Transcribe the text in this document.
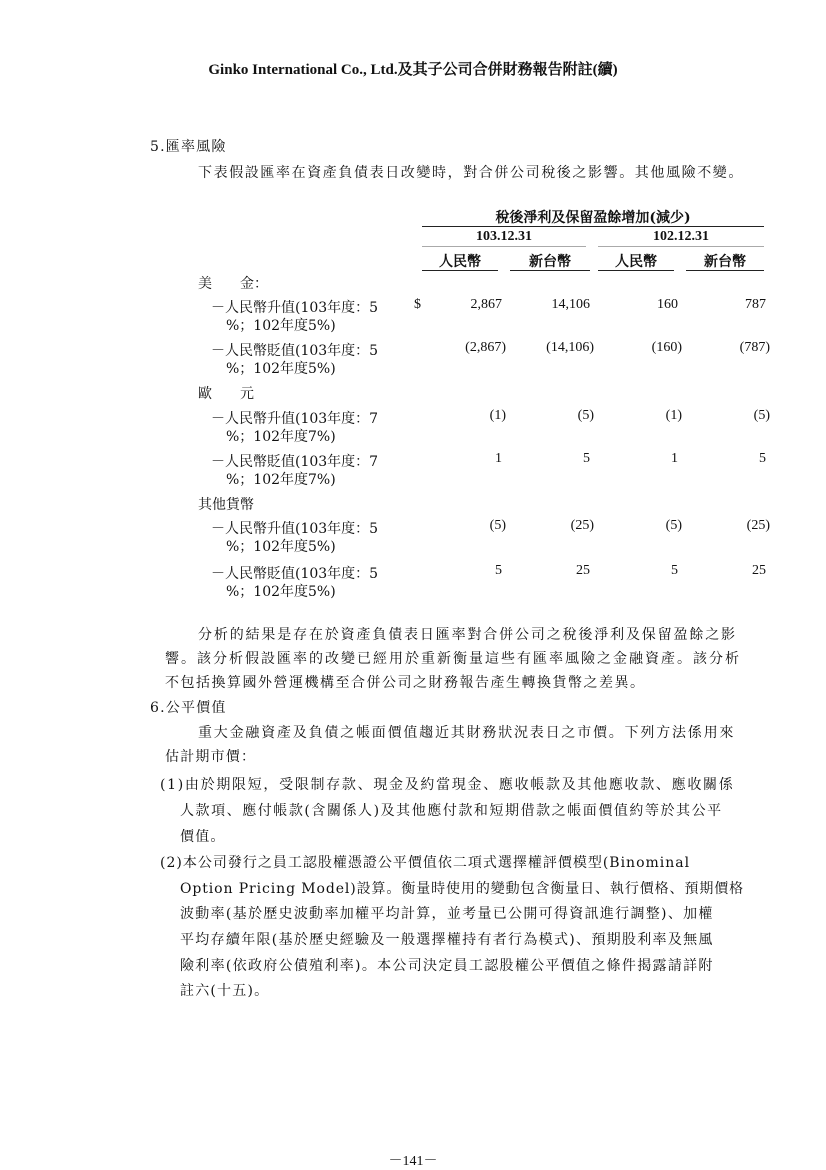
Ginko International Co., Ltd.及其子公司合併財務報告附註(續)
5.匯率風險
下表假設匯率在資產負債表日改變時，對合併公司稅後之影響。其他風險不變。
稅後淨利及保留盈餘增加(減少)
103.12.31	102.12.31
人民幣	新台幣	人民幣	新台幣
美　　金：
－人民幣升值(103年度：5
%；102年度5%)
$	2,867	14,106	160	787
－人民幣貶值(103年度：5
%；102年度5%)
(2,867)	(14,106)	(160)	(787)
歐　　元
－人民幣升值(103年度：7
%；102年度7%)
(1)	(5)	(1)	(5)
－人民幣貶值(103年度：7
%；102年度7%)
1	5	1	5
其他貨幣
－人民幣升值(103年度：5
%；102年度5%)
(5)	(25)	(5)	(25)
－人民幣貶值(103年度：5
%；102年度5%)
5	25	5	25
分析的結果是存在於資產負債表日匯率對合併公司之稅後淨利及保留盈餘之影
響。該分析假設匯率的改變已經用於重新衡量這些有匯率風險之金融資產。該分析
不包括換算國外營運機構至合併公司之財務報告產生轉換貨幣之差異。
6.公平價值
重大金融資產及負債之帳面價值趨近其財務狀況表日之市價。下列方法係用來
估計期市價：
(1)由於期限短，受限制存款、現金及約當現金、應收帳款及其他應收款、應收關係
人款項、應付帳款(含關係人)及其他應付款和短期借款之帳面價值約等於其公平
價值。
(2)本公司發行之員工認股權憑證公平價值依二項式選擇權評價模型(Binominal
Option Pricing Model)設算。衡量時使用的變動包含衡量日、執行價格、預期價格
波動率(基於歷史波動率加權平均計算，並考量已公開可得資訊進行調整)、加權
平均存續年限(基於歷史經驗及一般選擇權持有者行為模式)、預期股利率及無風
險利率(依政府公債殖利率)。本公司決定員工認股權公平價值之條件揭露請詳附
註六(十五)。
－141－
